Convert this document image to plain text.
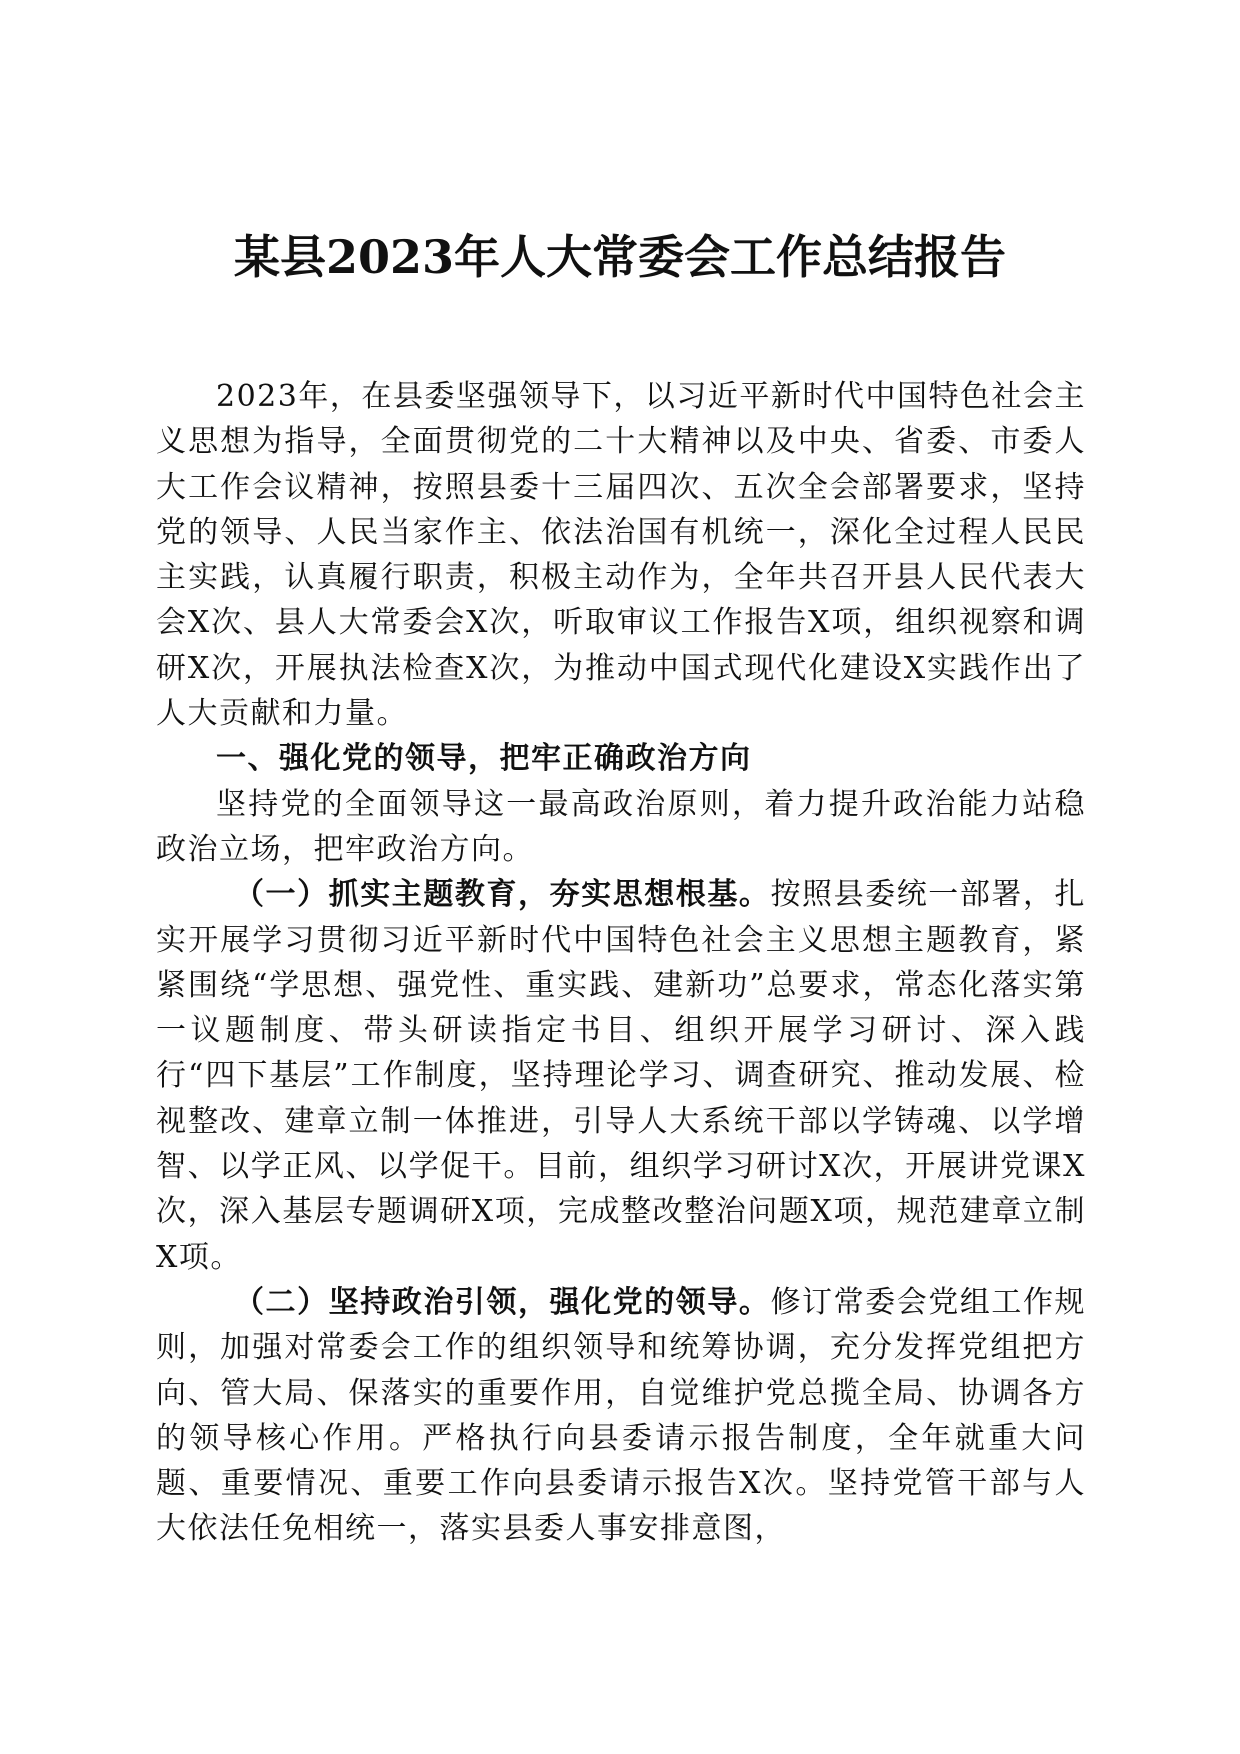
某县2023年人大常委会工作总结报告

2023年，在县委坚强领导下，以习近平新时代中国特色社会主义思想为指导，全面贯彻党的二十大精神以及中央、省委、市委人大工作会议精神，按照县委十三届四次、五次全会部署要求，坚持党的领导、人民当家作主、依法治国有机统一，深化全过程人民民主实践，认真履行职责，积极主动作为，全年共召开县人民代表大会X次、县人大常委会X次，听取审议工作报告X项，组织视察和调研X次，开展执法检查X次，为推动中国式现代化建设X实践作出了人大贡献和力量。

一、强化党的领导，把牢正确政治方向

坚持党的全面领导这一最高政治原则，着力提升政治能力站稳政治立场，把牢政治方向。

（一）抓实主题教育，夯实思想根基。按照县委统一部署，扎实开展学习贯彻习近平新时代中国特色社会主义思想主题教育，紧紧围绕“学思想、强党性、重实践、建新功”总要求，常态化落实第一议题制度、带头研读指定书目、组织开展学习研讨、深入践行“四下基层”工作制度，坚持理论学习、调查研究、推动发展、检视整改、建章立制一体推进，引导人大系统干部以学铸魂、以学增智、以学正风、以学促干。目前，组织学习研讨X次，开展讲党课X次，深入基层专题调研X项，完成整改整治问题X项，规范建章立制X项。

（二）坚持政治引领，强化党的领导。修订常委会党组工作规则，加强对常委会工作的组织领导和统筹协调，充分发挥党组把方向、管大局、保落实的重要作用，自觉维护党总揽全局、协调各方的领导核心作用。严格执行向县委请示报告制度，全年就重大问题、重要情况、重要工作向县委请示报告X次。坚持党管干部与人大依法任免相统一，落实县委人事安排意图，
